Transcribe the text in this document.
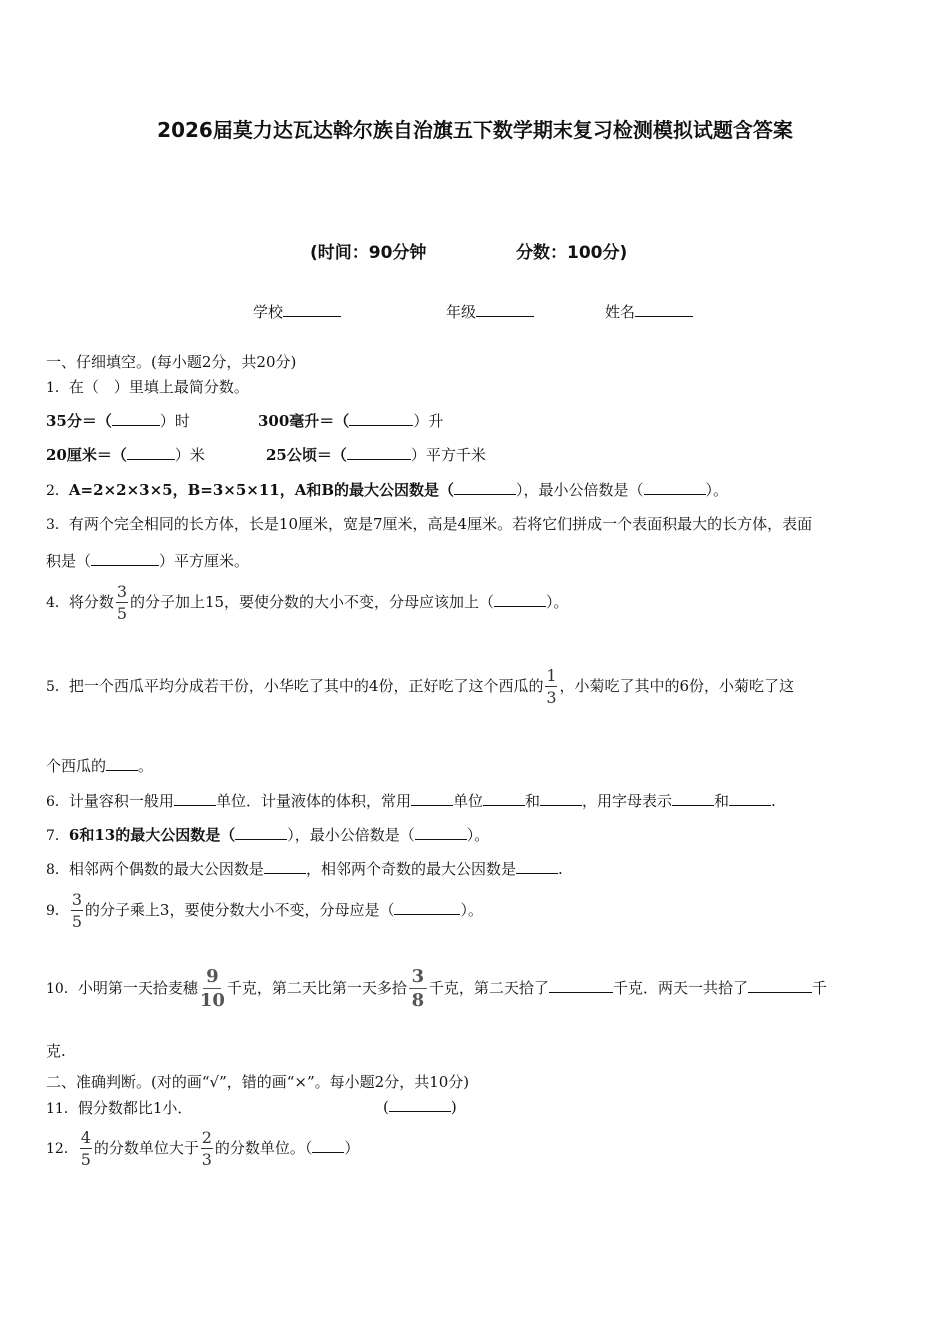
2026届莫力达瓦达斡尔族自治旗五下数学期末复习检测模拟试题含答案
(时间：90分钟	分数：100分)
学校	年级	姓名
一、仔细填空。(每小题2分，共20分)
1．在（　）里填上最简分数。
35分＝（	）时	300毫升＝（	）升
20厘米＝（	）米	25公顷＝（	）平方千米
2．A=2×2×3×5，B=3×5×11，A和B的最大公因数是（	），最小公倍数是（	）。
3．有两个完全相同的长方体，长是10厘米，宽是7厘米，高是4厘米。若将它们拼成一个表面积最大的长方体，表面
积是（	）平方厘米。
4．将分数 $\frac{3}{5}$ 的分子加上15，要使分数的大小不变，分母应该加上（	）。
5．把一个西瓜平均分成若干份，小华吃了其中的4份，正好吃了这个西瓜的 $\frac{1}{3}$ ，小菊吃了其中的6份，小菊吃了这
个西瓜的 。
6．计量容积一般用	单位．计量液体的体积，常用	单位	和	，用字母表示	和	.
7．6和13的最大公因数是（	），最小公倍数是（	）。
8．相邻两个偶数的最大公因数是	，相邻两个奇数的最大公因数是	.
9． $\frac{3}{5}$ 的分子乘上3，要使分数大小不变，分母应是（	）。
10．小明第一天拾麦穗 $\frac{9}{10}$ 千克，第二天比第一天多拾 $\frac{3}{8}$ 千克，第二天拾了	千克．两天一共拾了	千
克.
二、准确判断。(对的画“√”，错的画“×”。每小题2分，共10分)
11．假分数都比1小．	(	)
12． $\frac{4}{5}$ 的分数单位大于 $\frac{2}{3}$ 的分数单位。（ ）
